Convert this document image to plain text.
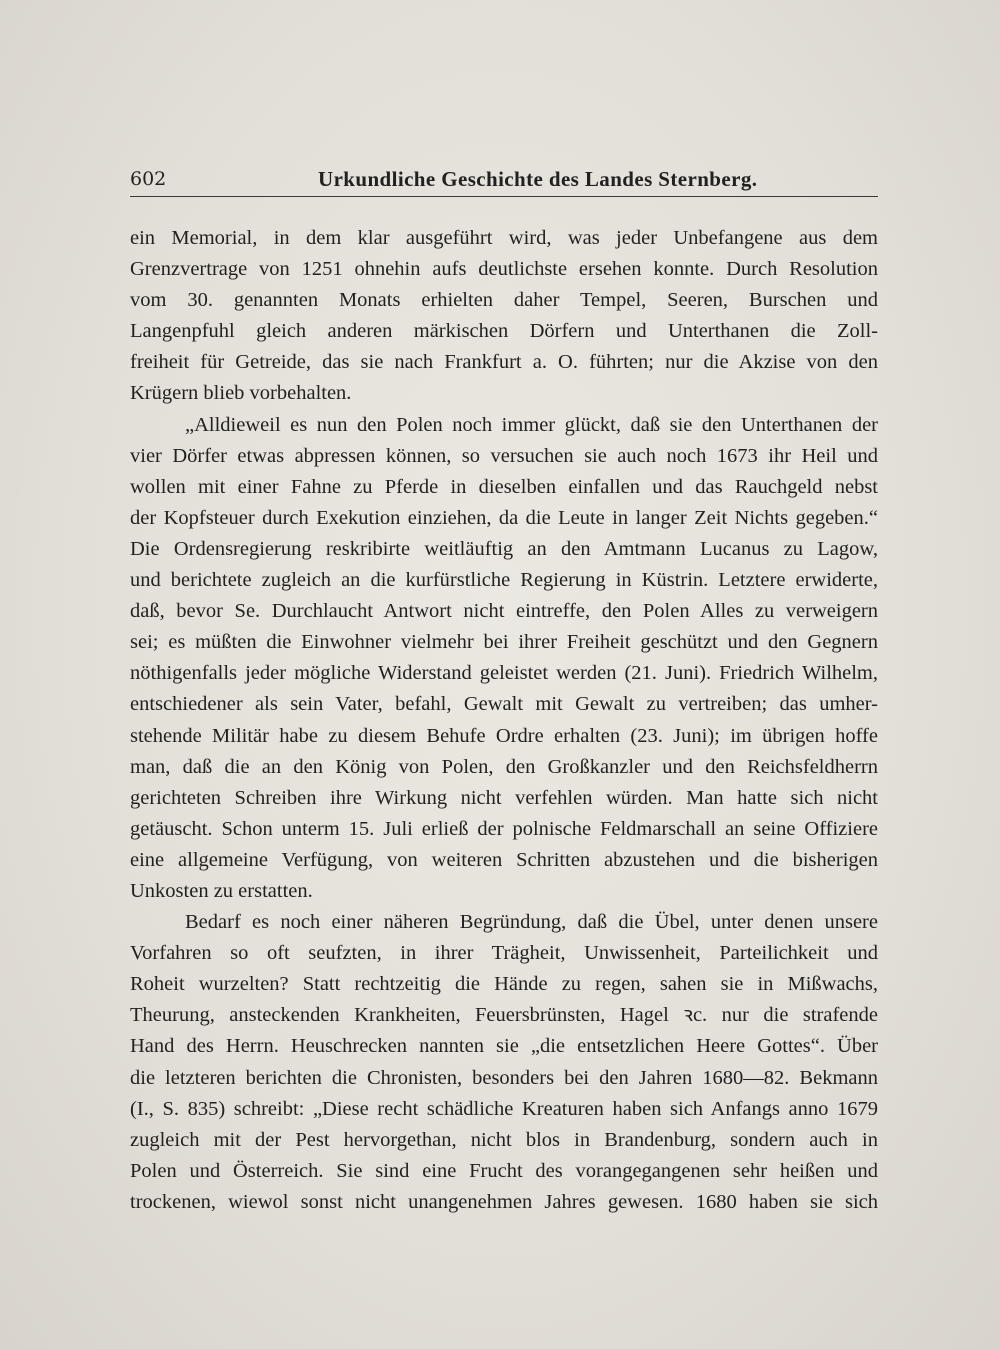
602	Urkundliche Geschichte des Landes Sternberg.
ein Memorial, in dem klar ausgeführt wird, was jeder Unbefangene aus dem
Grenzvertrage von 1251 ohnehin aufs deutlichste ersehen konnte. Durch Resolution
vom 30. genannten Monats erhielten daher Tempel, Seeren, Burschen und
Langenpfuhl gleich anderen märkischen Dörfern und Unterthanen die Zoll-
freiheit für Getreide, das sie nach Frankfurt a. O. führten; nur die Akzise von den
Krügern blieb vorbehalten.
„Alldieweil es nun den Polen noch immer glückt, daß sie den Unterthanen der
vier Dörfer etwas abpressen können, so versuchen sie auch noch 1673 ihr Heil und
wollen mit einer Fahne zu Pferde in dieselben einfallen und das Rauchgeld nebst
der Kopfsteuer durch Exekution einziehen, da die Leute in langer Zeit Nichts gegeben.“
Die Ordensregierung reskribirte weitläuftig an den Amtmann Lucanus zu Lagow,
und berichtete zugleich an die kurfürstliche Regierung in Küstrin. Letztere erwiderte,
daß, bevor Se. Durchlaucht Antwort nicht eintreffe, den Polen Alles zu verweigern
sei; es müßten die Einwohner vielmehr bei ihrer Freiheit geschützt und den Gegnern
nöthigenfalls jeder mögliche Widerstand geleistet werden (21. Juni). Friedrich Wilhelm,
entschiedener als sein Vater, befahl, Gewalt mit Gewalt zu vertreiben; das umher-
stehende Militär habe zu diesem Behufe Ordre erhalten (23. Juni); im übrigen hoffe
man, daß die an den König von Polen, den Großkanzler und den Reichsfeldherrn
gerichteten Schreiben ihre Wirkung nicht verfehlen würden. Man hatte sich nicht
getäuscht. Schon unterm 15. Juli erließ der polnische Feldmarschall an seine Offiziere
eine allgemeine Verfügung, von weiteren Schritten abzustehen und die bisherigen
Unkosten zu erstatten.
Bedarf es noch einer näheren Begründung, daß die Übel, unter denen unsere
Vorfahren so oft seufzten, in ihrer Trägheit, Unwissenheit, Parteilichkeit und
Roheit wurzelten? Statt rechtzeitig die Hände zu regen, sahen sie in Mißwachs,
Theurung, ansteckenden Krankheiten, Feuersbrünsten, Hagel ꝛc. nur die strafende
Hand des Herrn. Heuschrecken nannten sie „die entsetzlichen Heere Gottes“. Über
die letzteren berichten die Chronisten, besonders bei den Jahren 1680—82. Bekmann
(I., S. 835) schreibt: „Diese recht schädliche Kreaturen haben sich Anfangs anno 1679
zugleich mit der Pest hervorgethan, nicht blos in Brandenburg, sondern auch in
Polen und Österreich. Sie sind eine Frucht des vorangegangenen sehr heißen und
trockenen, wiewol sonst nicht unangenehmen Jahres gewesen. 1680 haben sie sich
